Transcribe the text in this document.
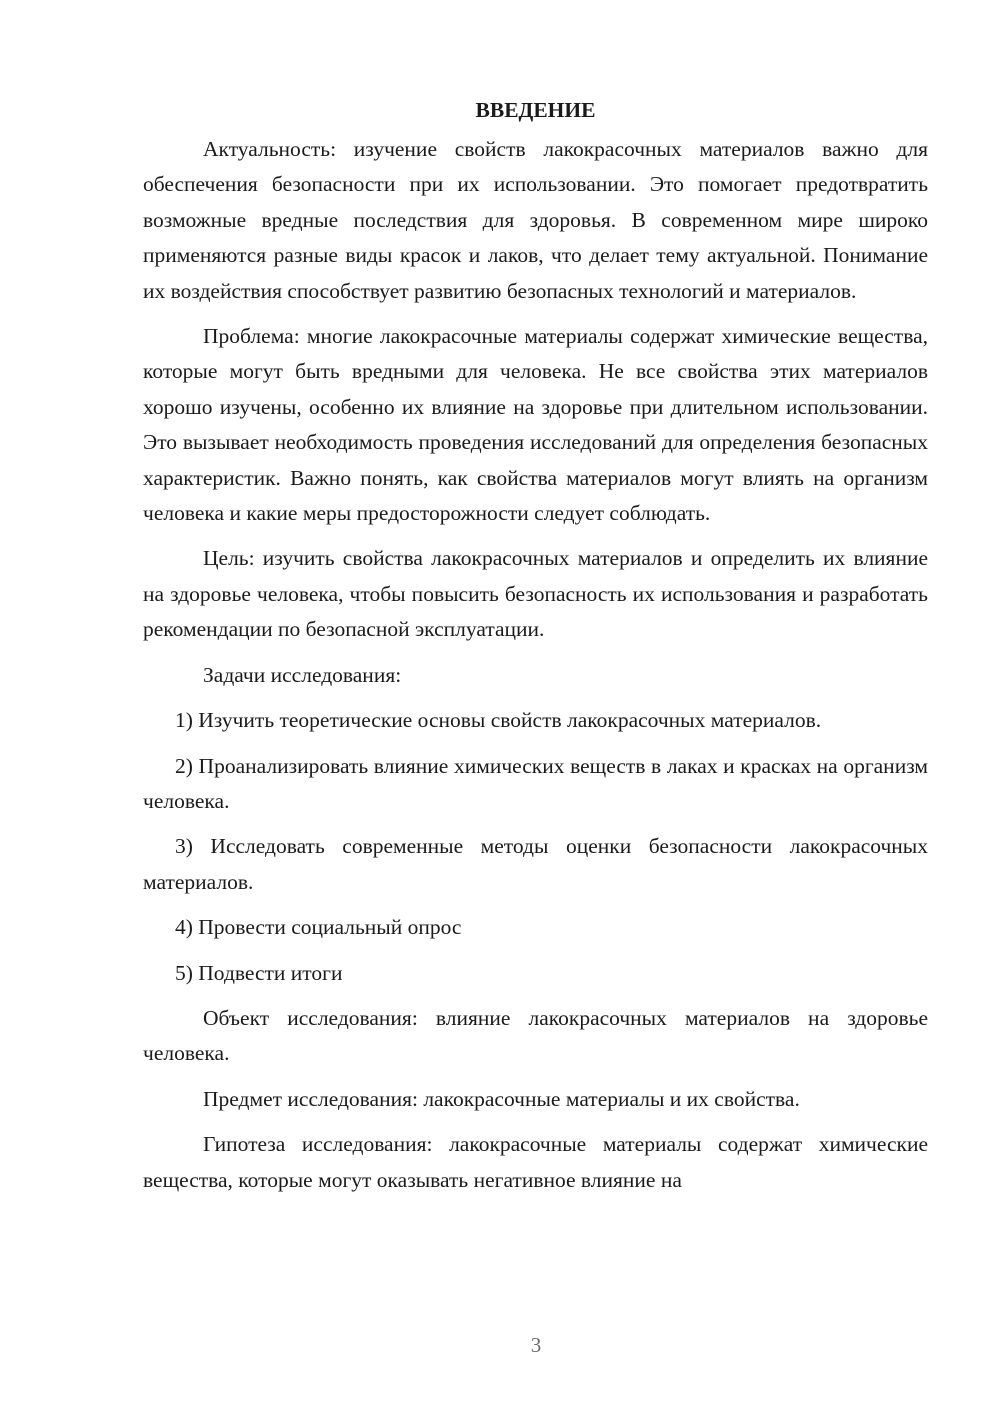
ВВЕДЕНИЕ

Актуальность: изучение свойств лакокрасочных материалов важно для обеспечения безопасности при их использовании. Это помогает предотвратить возможные вредные последствия для здоровья. В современном мире широко применяются разные виды красок и лаков, что делает тему актуальной. Понимание их воздействия способствует развитию безопасных технологий и материалов.

Проблема: многие лакокрасочные материалы содержат химические вещества, которые могут быть вредными для человека. Не все свойства этих материалов хорошо изучены, особенно их влияние на здоровье при длительном использовании. Это вызывает необходимость проведения исследований для определения безопасных характеристик. Важно понять, как свойства материалов могут влиять на организм человека и какие меры предосторожности следует соблюдать.

Цель: изучить свойства лакокрасочных материалов и определить их влияние на здоровье человека, чтобы повысить безопасность их использования и разработать рекомендации по безопасной эксплуатации.

Задачи исследования:

1) Изучить теоретические основы свойств лакокрасочных материалов.

2) Проанализировать влияние химических веществ в лаках и красках на организм человека.

3) Исследовать современные методы оценки безопасности лакокрасочных материалов.

4) Провести социальный опрос

5) Подвести итоги

Объект исследования: влияние лакокрасочных материалов на здоровье человека.

Предмет исследования: лакокрасочные материалы и их свойства.

Гипотеза исследования: лакокрасочные материалы содержат химические вещества, которые могут оказывать негативное влияние на

3
